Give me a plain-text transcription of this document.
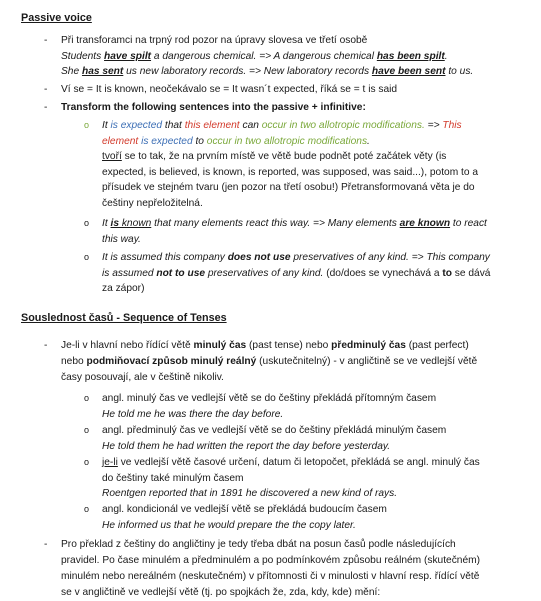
Passive voice
- Při transforamci na trpný rod pozor na úpravy slovesa ve třetí osobě
Students have spilt a dangerous chemical. => A dangerous chemical has been spilt.
She has sent us new laboratory records. => New laboratory records have been sent to us.
- Ví se = It is known, neočekávalo se = It wasn´t expected, říká se = t is said
- Transform the following sentences into the passive + infinitive:
o It is expected that this element can occur in two allotropic modifications. => This
element is expected to occur in two allotropic modifications.
tvoří se to tak, že na prvním místě ve větě bude podnět poté začátek věty (is
expected, is believed, is known, is reported, was supposed, was said...), potom to a
přísudek ve stejném tvaru (jen pozor na třetí osobu!) Přetransformovaná věta je do
češtiny nepřeložitelná.
o It is known that many elements react this way. => Many elements are known to react
this way.
o It is assumed this company does not use preservatives of any kind. => This company
is assumed not to use preservatives of any kind. (do/does se vynechává a to se dává
za zápor)
Souslednost časů - Sequence of Tenses
- Je-li v hlavní nebo řídící větě minulý čas (past tense) nebo předminulý čas (past perfect)
nebo podmiňovací způsob minulý reálný (uskutečnitelný) - v angličtině se ve vedlejší větě
časy posouvají, ale v češtině nikoliv.
o angl. minulý čas ve vedlejší větě se do češtiny překládá přítomným časem
He told me he was there the day before.
o angl. předminulý čas ve vedlejší větě se do češtiny překládá minulým časem
He told them he had written the report the day before yesterday.
o je-li ve vedlejší větě časové určení, datum či letopočet, překládá se angl. minulý čas
do češtiny také minulým časem
Roentgen reported that in 1891 he discovered a new kind of rays.
o angl. kondicionál ve vedlejší větě se překládá budoucím časem
He informed us that he would prepare the the copy later.
- Pro překlad z češtiny do angličtiny je tedy třeba dbát na posun časů podle následujících
pravidel. Po čase minulém a předminulém a po podmínkovém způsobu reálném (skutečném)
minulém nebo nereálném (neskutečném) v přítomnosti či v minulosti v hlavní resp. řídící větě
se v angličtině ve vedlejší větě (tj. po spojkách že, zda, kdy, kde) mění:
